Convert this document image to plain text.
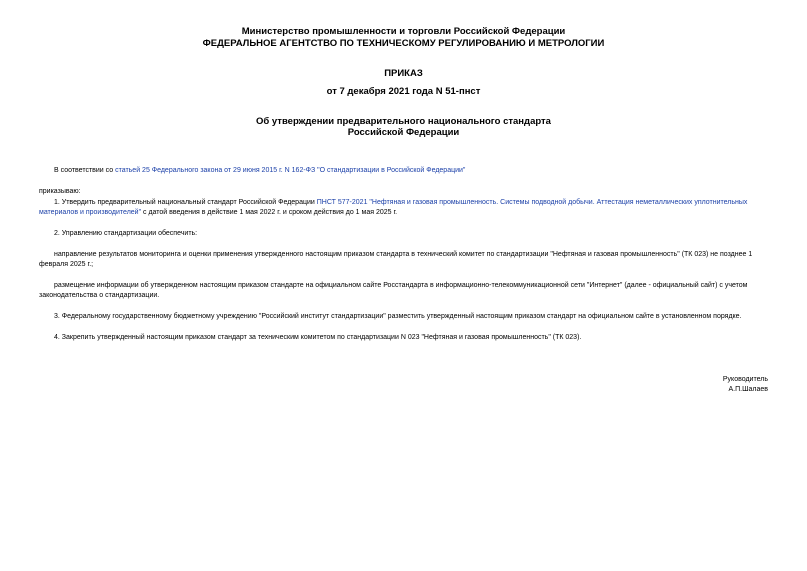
Министерство промышленности и торговли Российской Федерации
ФЕДЕРАЛЬНОЕ АГЕНТСТВО ПО ТЕХНИЧЕСКОМУ РЕГУЛИРОВАНИЮ И МЕТРОЛОГИИ
ПРИКАЗ
от 7 декабря 2021 года N 51-пнст
Об утверждении предварительного национального стандарта
Российской Федерации
В соответствии со статьей 25 Федерального закона от 29 июня 2015 г. N 162-ФЗ "О стандартизации в Российской Федерации"
приказываю:
1. Утвердить предварительный национальный стандарт Российской Федерации ПНСТ 577-2021 "Нефтяная и газовая промышленность. Системы подводной добычи. Аттестация неметаллических уплотнительных
материалов и производителей" с датой введения в действие 1 мая 2022 г. и сроком действия до 1 мая 2025 г.
2. Управлению стандартизации обеспечить:
направление результатов мониторинга и оценки применения утвержденного настоящим приказом стандарта в технический комитет по стандартизации "Нефтяная и газовая промышленность" (ТК 023) не позднее 1
февраля 2025 г.;
размещение информации об утвержденном настоящим приказом стандарте на официальном сайте Росстандарта в информационно-телекоммуникационной сети "Интернет" (далее - официальный сайт) с учетом
законодательства о стандартизации.
3. Федеральному государственному бюджетному учреждению "Российский институт стандартизации" разместить утвержденный настоящим приказом стандарт на официальном сайте в установленном порядке.
4. Закрепить утвержденный настоящим приказом стандарт за техническим комитетом по стандартизации N 023 "Нефтяная и газовая промышленность" (ТК 023).
Руководитель
А.П.Шалаев
